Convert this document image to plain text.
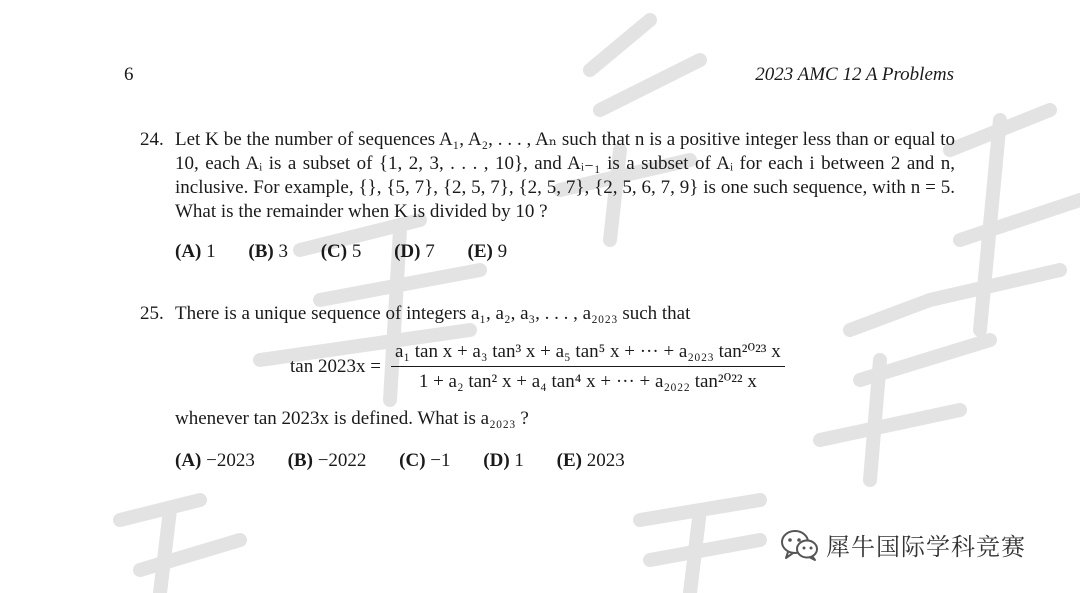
6	2023 AMC 12 A Problems
24. Let K be the number of sequences A₁, A₂, . . . , Aₙ such that n is a positive integer less than or equal to 10, each Aᵢ is a subset of {1, 2, 3, . . . , 10}, and Aᵢ₋₁ is a subset of Aᵢ for each i between 2 and n, inclusive. For example, {}, {5, 7}, {2, 5, 7}, {2, 5, 7}, {2, 5, 6, 7, 9} is one such sequence, with n = 5. What is the remainder when K is divided by 10 ?
(A) 1 (B) 3 (C) 5 (D) 7 (E) 9
25. There is a unique sequence of integers a₁, a₂, a₃, . . . , a₂₀₂₃ such that
$\tan 2023x = \frac{\text{a₁ tan x + a₃ tan³ x + a₅ tan⁵ x + ··· + a₂₀₂₃ tan²⁰²³ x}}{\text{1 + a₂ tan² x + a₄ tan⁴ x + ··· + a₂₀₂₂ tan²⁰²² x}}$
whenever tan 2023x is defined. What is a₂₀₂₃ ?
(A) −2023 (B) −2022 (C) −1 (D) 1 (E) 2023
犀牛国际学科竞赛
